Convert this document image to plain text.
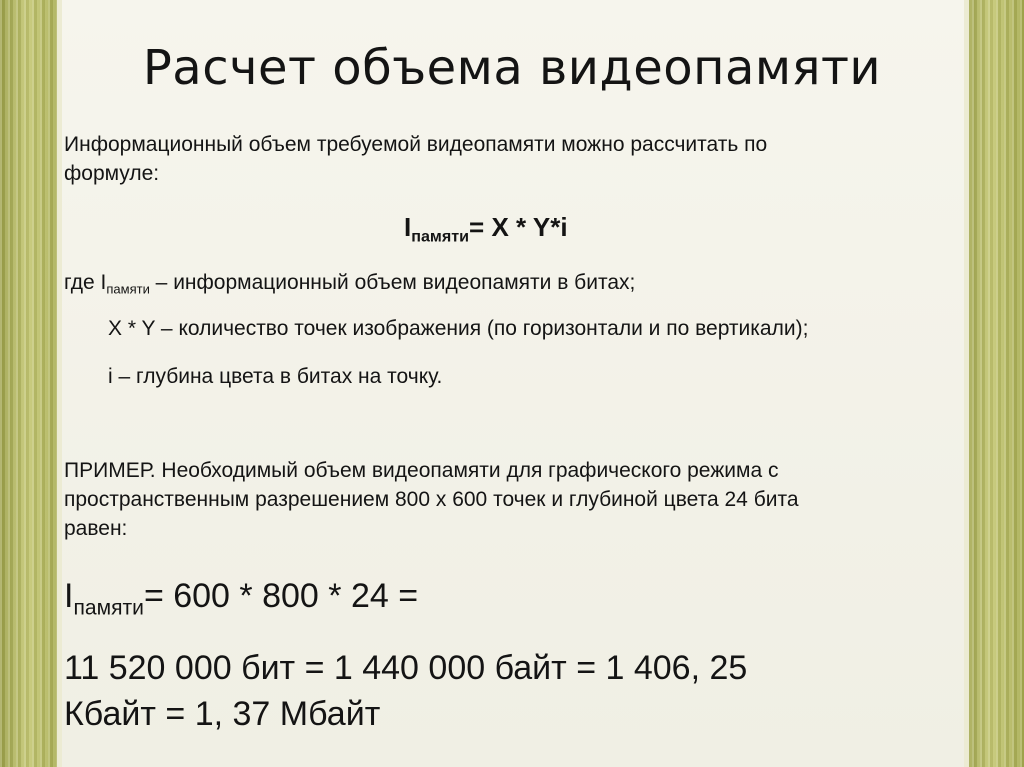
Расчет объема видеопамяти

Информационный объем требуемой видеопамяти можно рассчитать по

формуле:

$I_{памяти}= X * Y*i$

где $I_{памяти}$ – информационный объем видеопамяти в битах;

X * Y – количество точек изображения (по горизонтали и по вертикали);

i – глубина цвета в битах на точку.

ПРИМЕР. Необходимый объем видеопамяти для графического режима с

пространственным разрешением 800 х 600 точек и глубиной цвета 24 бита

равен:

$I_{памяти}= 600 * 800 * 24$ =

11 520 000 бит = 1 440 000 байт = 1 406, 25

Кбайт = 1, 37 Мбайт
